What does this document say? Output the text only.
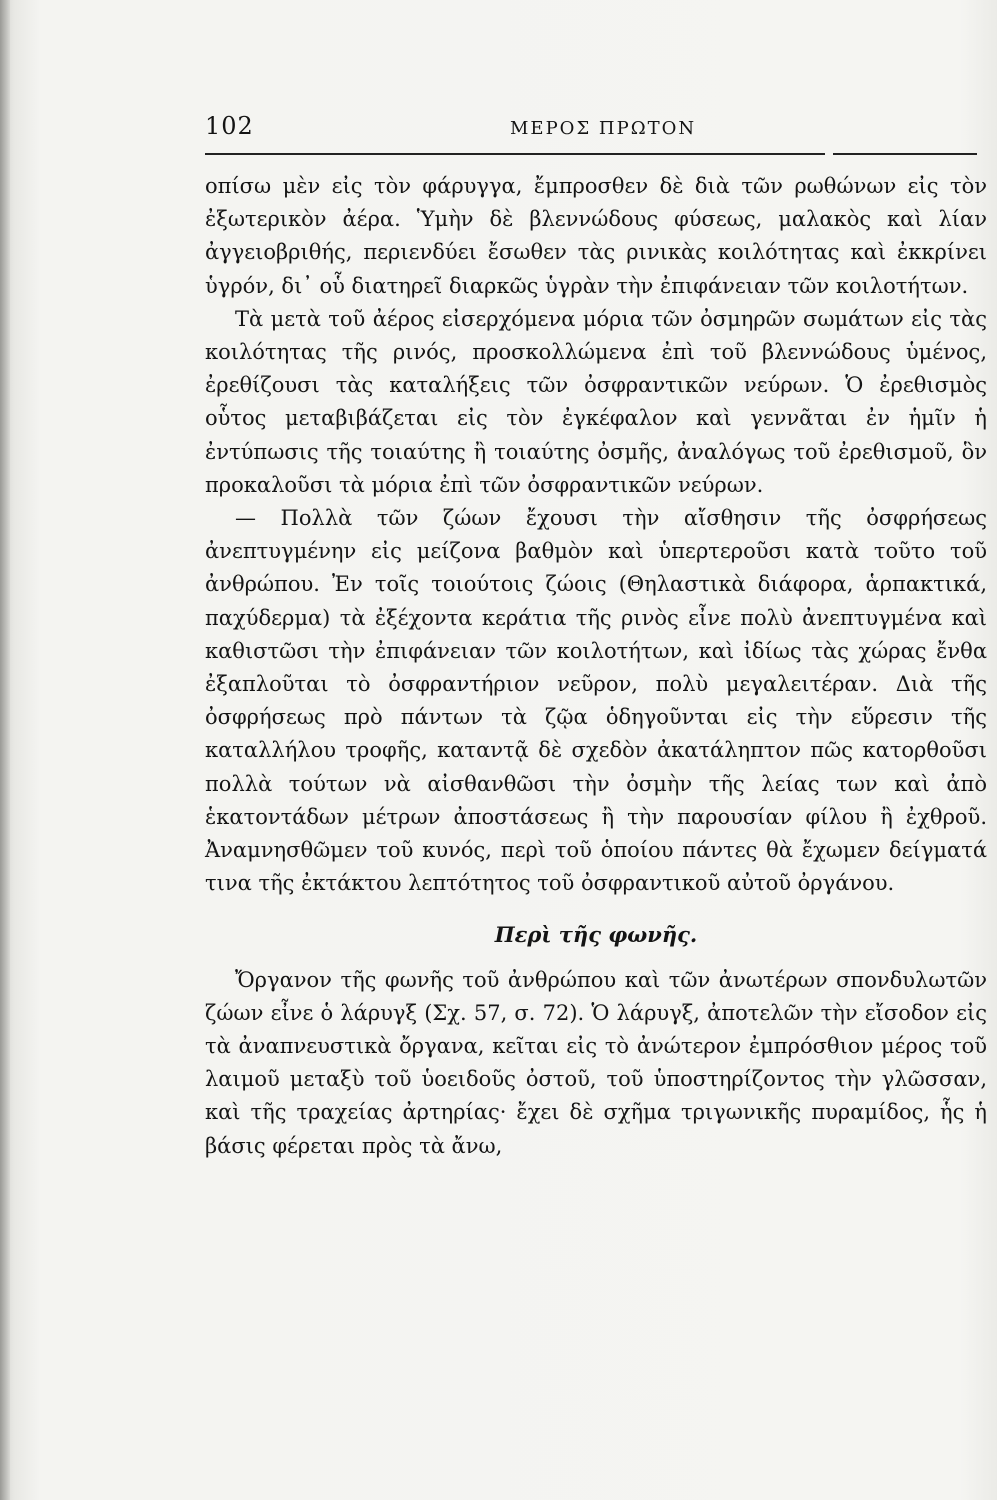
102	ΜΕΡΟΣ ΠΡΩΤΟΝ

οπίσω μὲν εἰς τὸν φάρυγγα, ἔμπροσθεν δὲ διὰ τῶν ρωθώνων εἰς τὸν ἐξωτερικὸν ἀέρα. Ὑμὴν δὲ βλεννώδους φύσεως, μαλακὸς καὶ λίαν ἀγγειοβριθής, περιενδύει ἔσωθεν τὰς ρινικὰς κοιλότητας καὶ ἐκκρίνει ὑγρόν, δι᾽ οὗ διατηρεῖ διαρκῶς ὑγρὰν τὴν ἐπιφάνειαν τῶν κοιλοτήτων.

Τὰ μετὰ τοῦ ἀέρος εἰσερχόμενα μόρια τῶν ὀσμηρῶν σωμάτων εἰς τὰς κοιλότητας τῆς ρινός, προσκολλώμενα ἐπὶ τοῦ βλεννώδους ὑμένος, ἐρεθίζουσι τὰς καταλήξεις τῶν ὀσφραντικῶν νεύρων. Ὁ ἐρεθισμὸς οὗτος μεταβιβάζεται εἰς τὸν ἐγκέφαλον καὶ γεννᾶται ἐν ἡμῖν ἡ ἐντύπωσις τῆς τοιαύτης ἢ τοιαύτης ὀσμῆς, ἀναλόγως τοῦ ἐρεθισμοῦ, ὃν προκαλοῦσι τὰ μόρια ἐπὶ τῶν ὀσφραντικῶν νεύρων.

— Πολλὰ τῶν ζώων ἔχουσι τὴν αἴσθησιν τῆς ὀσφρήσεως ἀνεπτυγμένην εἰς μείζονα βαθμὸν καὶ ὑπερτεροῦσι κατὰ τοῦτο τοῦ ἀνθρώπου. Ἐν τοῖς τοιούτοις ζώοις (Θηλαστικὰ διάφορα, ἁρπακτικά, παχύδερμα) τὰ ἐξέχοντα κεράτια τῆς ρινὸς εἶνε πολὺ ἀνεπτυγμένα καὶ καθιστῶσι τὴν ἐπιφάνειαν τῶν κοιλοτήτων, καὶ ἰδίως τὰς χώρας ἔνθα ἐξαπλοῦται τὸ ὀσφραντήριον νεῦρον, πολὺ μεγαλειτέραν. Διὰ τῆς ὀσφρήσεως πρὸ πάντων τὰ ζῷα ὁδηγοῦνται εἰς τὴν εὕρεσιν τῆς καταλλήλου τροφῆς, καταντᾷ δὲ σχεδὸν ἀκατάληπτον πῶς κατορθοῦσι πολλὰ τούτων νὰ αἰσθανθῶσι τὴν ὀσμὴν τῆς λείας των καὶ ἀπὸ ἑκατοντάδων μέτρων ἀποστάσεως ἢ τὴν παρουσίαν φίλου ἢ ἐχθροῦ. Ἀναμνησθῶμεν τοῦ κυνός, περὶ τοῦ ὁποίου πάντες θὰ ἔχωμεν δείγματά τινα τῆς ἐκτάκτου λεπτότητος τοῦ ὀσφραντικοῦ αὐτοῦ ὀργάνου.

Περὶ τῆς φωνῆς.

Ὄργανον τῆς φωνῆς τοῦ ἀνθρώπου καὶ τῶν ἀνωτέρων σπονδυλωτῶν ζώων εἶνε ὁ λάρυγξ (Σχ. 57, σ. 72). Ὁ λάρυγξ, ἀποτελῶν τὴν εἴσοδον εἰς τὰ ἀναπνευστικὰ ὄργανα, κεῖται εἰς τὸ ἀνώτερον ἐμπρόσθιον μέρος τοῦ λαιμοῦ μεταξὺ τοῦ ὑοειδοῦς ὀστοῦ, τοῦ ὑποστηρίζοντος τὴν γλῶσσαν, καὶ τῆς τραχείας ἀρτηρίας· ἔχει δὲ σχῆμα τριγωνικῆς πυραμίδος, ἧς ἡ βάσις φέρεται πρὸς τὰ ἄνω,
